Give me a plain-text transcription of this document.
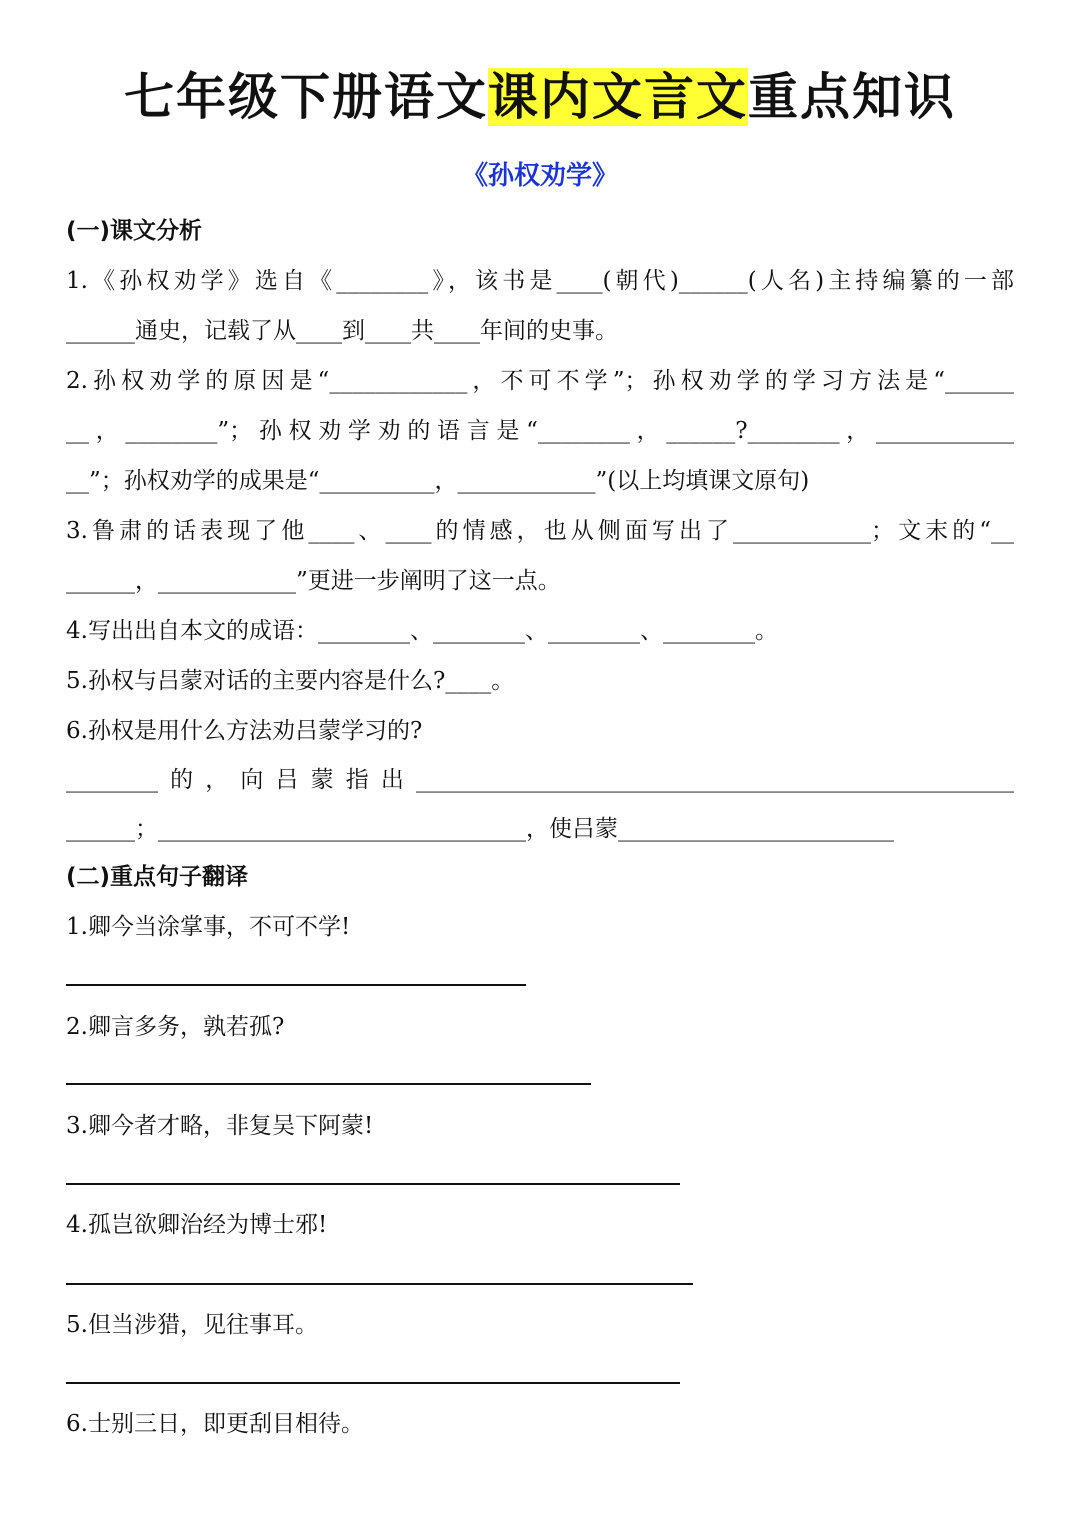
七年级下册语文课内文言文重点知识
《孙权劝学》
(一)课文分析
1.《孙权劝学》选自《________》，该书是____(朝代)______(人名)主持编纂的一部
______通史，记载了从____到____共____年间的史事。
2.孙权劝学的原因是“____________，不可不学”；孙权劝学的学习方法是“______
__，________”；孙权劝学劝的语言是“________，______?________，____________
__”；孙权劝学的成果是“__________，____________”(以上均填课文原句)
3.鲁肃的话表现了他____、____的情感，也从侧面写出了____________；文末的“__
______，____________”更进一步阐明了这一点。
4.写出出自本文的成语：________、________、________、________。
5.孙权与吕蒙对话的主要内容是什么?____。
6.孙权是用什么方法劝吕蒙学习的?
________的，向吕蒙指出____________________________________________________
______；________________________________，使吕蒙________________________
(二)重点句子翻译
1.卿今当涂掌事，不可不学!
2.卿言多务，孰若孤?
3.卿今者才略，非复吴下阿蒙!
4.孤岂欲卿治经为博士邪!
5.但当涉猎，见往事耳。
6.士别三日，即更刮目相待。
